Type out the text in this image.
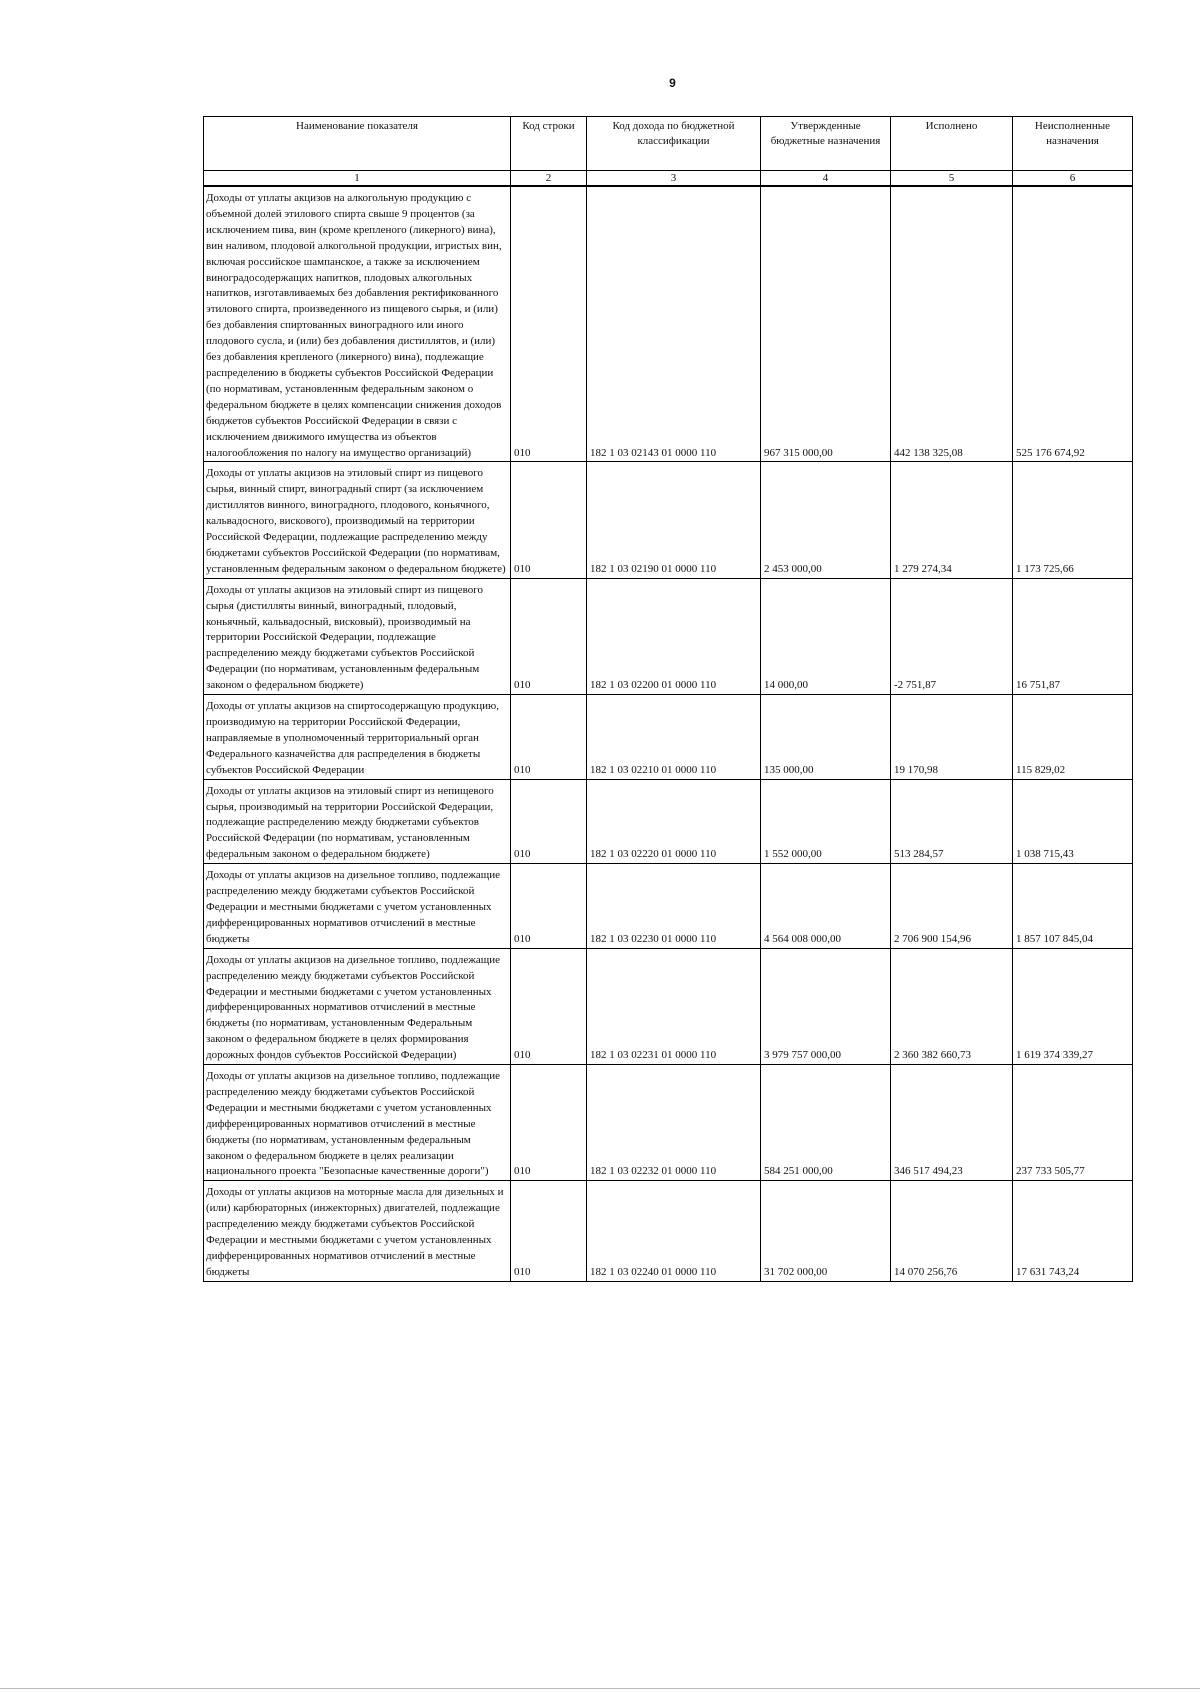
9
Наименование показателя	Код строки	Код дохода по бюджетной классификации	Утвержденные бюджетные назначения	Исполнено	Неисполненные назначения
1	2	3	4	5	6
Доходы от уплаты акцизов на алкогольную продукцию с объемной долей этилового спирта свыше 9 процентов (за исключением пива, вин (кроме крепленого (ликерного) вина), вин наливом, плодовой алкогольной продукции, игристых вин, включая российское шампанское, а также за исключением виноградосодержащих напитков, плодовых алкогольных напитков, изготавливаемых без добавления ректификованного этилового спирта, произведенного из пищевого сырья, и (или) без добавления спиртованных виноградного или иного плодового сусла, и (или) без добавления дистиллятов, и (или) без добавления крепленого (ликерного) вина), подлежащие распределению в бюджеты субъектов Российской Федерации (по нормативам, установленным федеральным законом о федеральном бюджете в целях компенсации снижения доходов бюджетов субъектов Российской Федерации в связи с исключением движимого имущества из объектов налогообложения по налогу на имущество организаций)	010	182 1 03 02143 01 0000 110	967 315 000,00	442 138 325,08	525 176 674,92
Доходы от уплаты акцизов на этиловый спирт из пищевого сырья, винный спирт, виноградный спирт (за исключением дистиллятов винного, виноградного, плодового, коньячного, кальвадосного, вискового), производимый на территории Российской Федерации, подлежащие распределению между бюджетами субъектов Российской Федерации (по нормативам, установленным федеральным законом о федеральном бюджете)	010	182 1 03 02190 01 0000 110	2 453 000,00	1 279 274,34	1 173 725,66
Доходы от уплаты акцизов на этиловый спирт из пищевого сырья (дистилляты винный, виноградный, плодовый, коньячный, кальвадосный, висковый), производимый на территории Российской Федерации, подлежащие распределению между бюджетами субъектов Российской Федерации (по нормативам, установленным федеральным законом о федеральном бюджете)	010	182 1 03 02200 01 0000 110	14 000,00	-2 751,87	16 751,87
Доходы от уплаты акцизов на спиртосодержащую продукцию, производимую на территории Российской Федерации, направляемые в уполномоченный территориальный орган Федерального казначейства для распределения в бюджеты субъектов Российской Федерации	010	182 1 03 02210 01 0000 110	135 000,00	19 170,98	115 829,02
Доходы от уплаты акцизов на этиловый спирт из непищевого сырья, производимый на территории Российской Федерации, подлежащие распределению между бюджетами субъектов Российской Федерации (по нормативам, установленным федеральным законом о федеральном бюджете)	010	182 1 03 02220 01 0000 110	1 552 000,00	513 284,57	1 038 715,43
Доходы от уплаты акцизов на дизельное топливо, подлежащие распределению между бюджетами субъектов Российской Федерации и местными бюджетами с учетом установленных дифференцированных нормативов отчислений в местные бюджеты	010	182 1 03 02230 01 0000 110	4 564 008 000,00	2 706 900 154,96	1 857 107 845,04
Доходы от уплаты акцизов на дизельное топливо, подлежащие распределению между бюджетами субъектов Российской Федерации и местными бюджетами с учетом установленных дифференцированных нормативов отчислений в местные бюджеты (по нормативам, установленным Федеральным законом о федеральном бюджете в целях формирования дорожных фондов субъектов Российской Федерации)	010	182 1 03 02231 01 0000 110	3 979 757 000,00	2 360 382 660,73	1 619 374 339,27
Доходы от уплаты акцизов на дизельное топливо, подлежащие распределению между бюджетами субъектов Российской Федерации и местными бюджетами с учетом установленных дифференцированных нормативов отчислений в местные бюджеты (по нормативам, установленным федеральным законом о федеральном бюджете в целях реализации национального проекта "Безопасные качественные дороги")	010	182 1 03 02232 01 0000 110	584 251 000,00	346 517 494,23	237 733 505,77
Доходы от уплаты акцизов на моторные масла для дизельных и (или) карбюраторных (инжекторных) двигателей, подлежащие распределению между бюджетами субъектов Российской Федерации и местными бюджетами с учетом установленных дифференцированных нормативов отчислений в местные бюджеты	010	182 1 03 02240 01 0000 110	31 702 000,00	14 070 256,76	17 631 743,24
